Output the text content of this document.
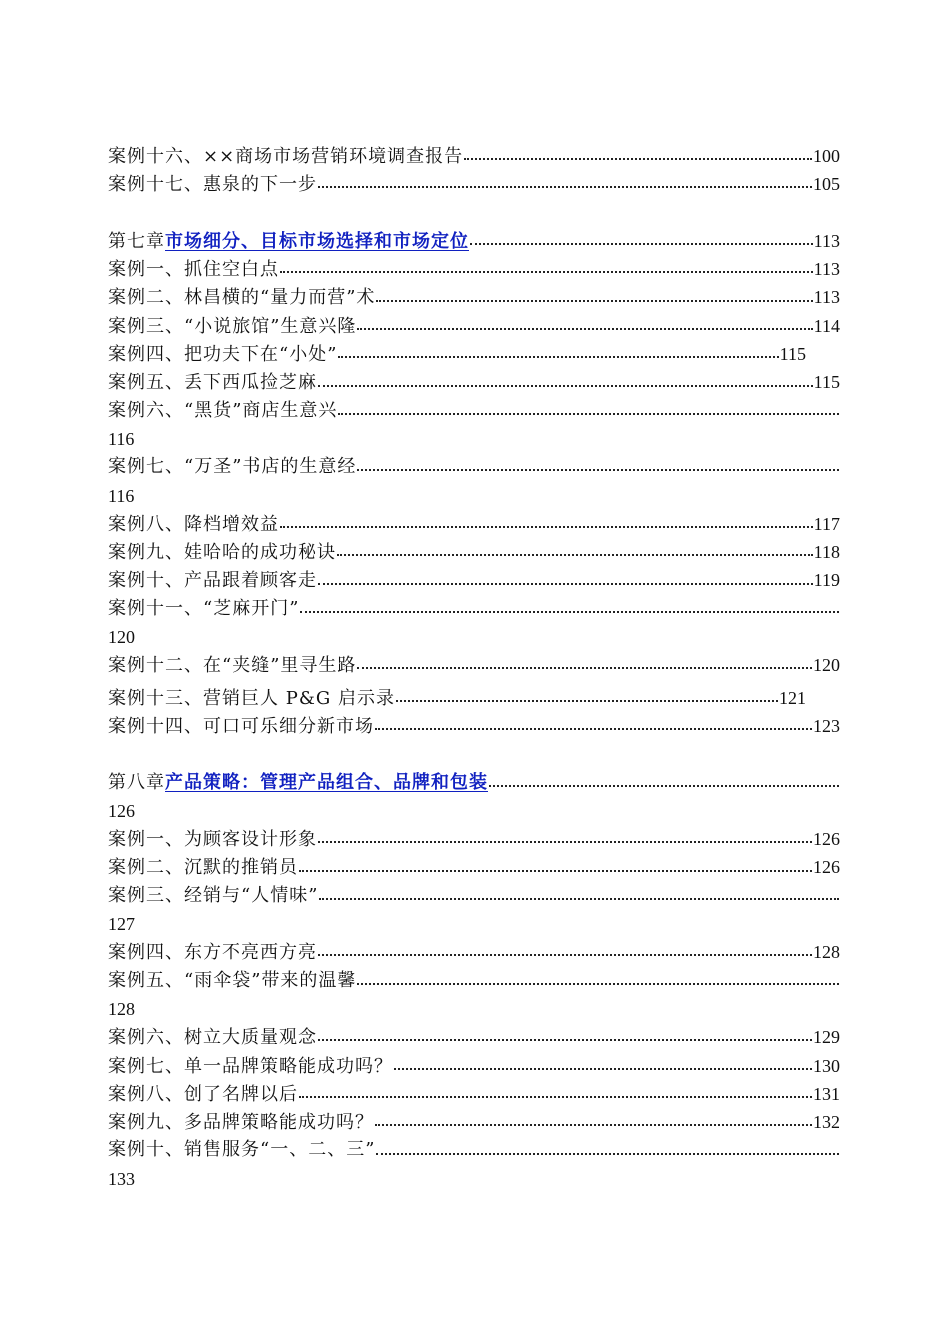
案例十六、××商场市场营销环境调查报告	100
案例十七、惠泉的下一步	105
第七章市场细分、目标市场选择和市场定位	113
案例一、抓住空白点	113
案例二、林昌横的“量力而营”术	113
案例三、“小说旅馆”生意兴隆	114
案例四、把功夫下在“小处”	115
案例五、丢下西瓜捡芝麻	115
案例六、“黑货”商店生意兴
116
案例七、“万圣”书店的生意经
116
案例八、降档增效益	117
案例九、娃哈哈的成功秘诀	118
案例十、产品跟着顾客走	119
案例十一、“芝麻开门”
120
案例十二、在“夹缝”里寻生路	120
案例十三、营销巨人 P&G 启示录	121
案例十四、可口可乐细分新市场	123
第八章产品策略：管理产品组合、品牌和包装
126
案例一、为顾客设计形象	126
案例二、沉默的推销员	126
案例三、经销与“人情味”
127
案例四、东方不亮西方亮	128
案例五、“雨伞袋”带来的温馨
128
案例六、树立大质量观念	129
案例七、单一品牌策略能成功吗？	130
案例八、创了名牌以后	131
案例九、多品牌策略能成功吗？	132
案例十、销售服务“一、二、三”
133
